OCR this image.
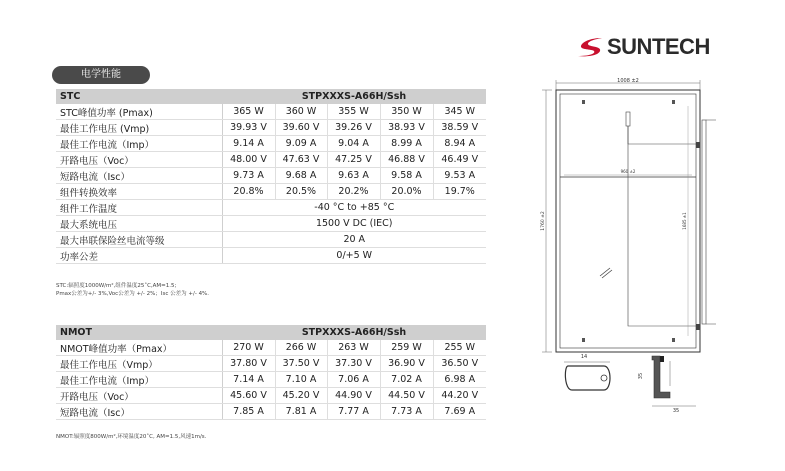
SUNTECH
电学性能
STC	STPXXXS-A66H/Ssh				
STC峰值功率 (Pmax)	365 W	360 W	355 W	350 W	345 W
最佳工作电压 (Vmp)	39.93 V	39.60 V	39.26 V	38.93 V	38.59 V
最佳工作电流（Imp）	9.14 A	9.09 A	9.04 A	8.99 A	8.94 A
开路电压（Voc）	48.00 V	47.63 V	47.25 V	46.88 V	46.49 V
短路电流（Isc）	9.73 A	9.68 A	9.63 A	9.58 A	9.53 A
组件转换效率	20.8%	20.5%	20.2%	20.0%	19.7%
组件工作温度	-40 °C to +85 °C				
最大系统电压	1500 V DC (IEC)				
最大串联保险丝电流等级	20 A				
功率公差	0/+5 W				
STC:辐照度1000W/m²,组件温度25˚C,AM=1.5;
Pmax公差为+/- 3%,Voc公差为 +/- 2%；Isc 公差为 +/- 4%.
NMOT	STPXXXS-A66H/Ssh				
NMOT峰值功率（Pmax）	270 W	266 W	263 W	259 W	255 W
最佳工作电压（Vmp）	37.80 V	37.50 V	37.30 V	36.90 V	36.50 V
最佳工作电流（Imp）	7.14 A	7.10 A	7.06 A	7.02 A	6.98 A
开路电压（Voc）	45.60 V	45.20 V	44.90 V	44.50 V	44.20 V
短路电流（Isc）	7.85 A	7.81 A	7.77 A	7.73 A	7.69 A
NMOT:辐照度800W/m²,环境温度20˚C, AM=1.5,风速1m/s.
1008 ±2
960 ±2
1760 ±2	1685 ±1
14
35
35
